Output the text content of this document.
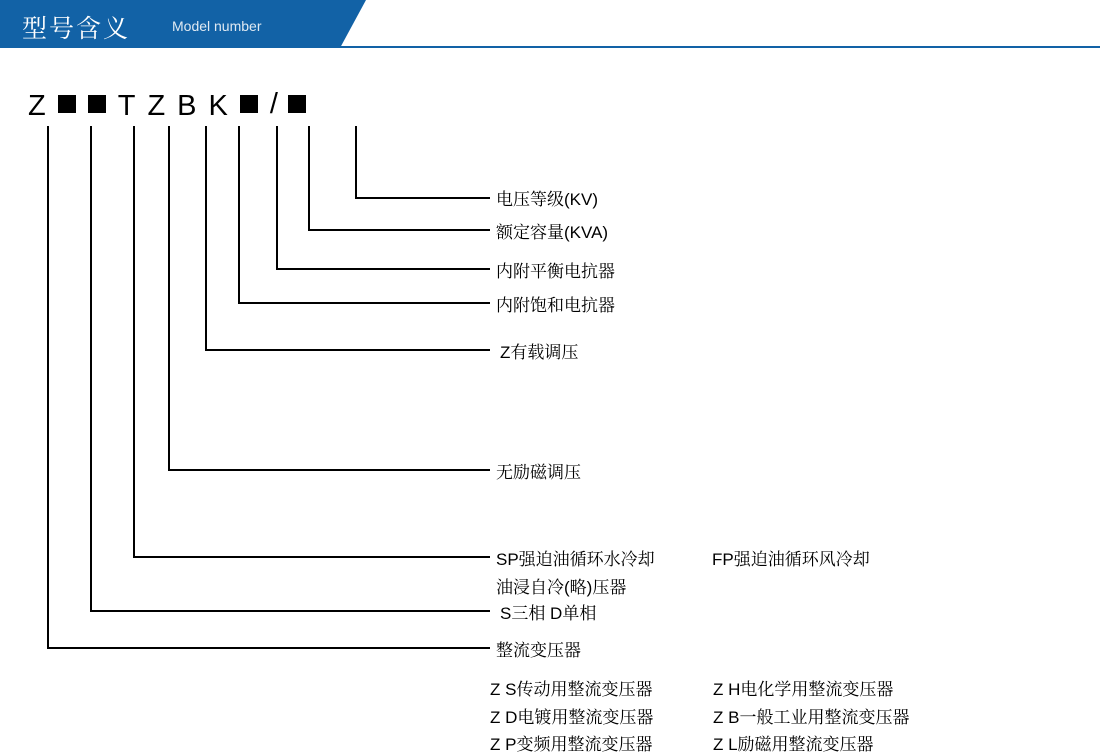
型号含义	Model number
Z T Z B K /
电压等级(KV)
额定容量(KVA)
内附平衡电抗器
内附饱和电抗器
Z有载调压
无励磁调压
SP强迫油循环水冷却	FP强迫油循环风冷却
油浸自冷(略)压器
S三相 D单相
整流变压器
Z S传动用整流变压器	Z H电化学用整流变压器
Z D电镀用整流变压器	Z B一般工业用整流变压器
Z P变频用整流变压器	Z L励磁用整流变压器
